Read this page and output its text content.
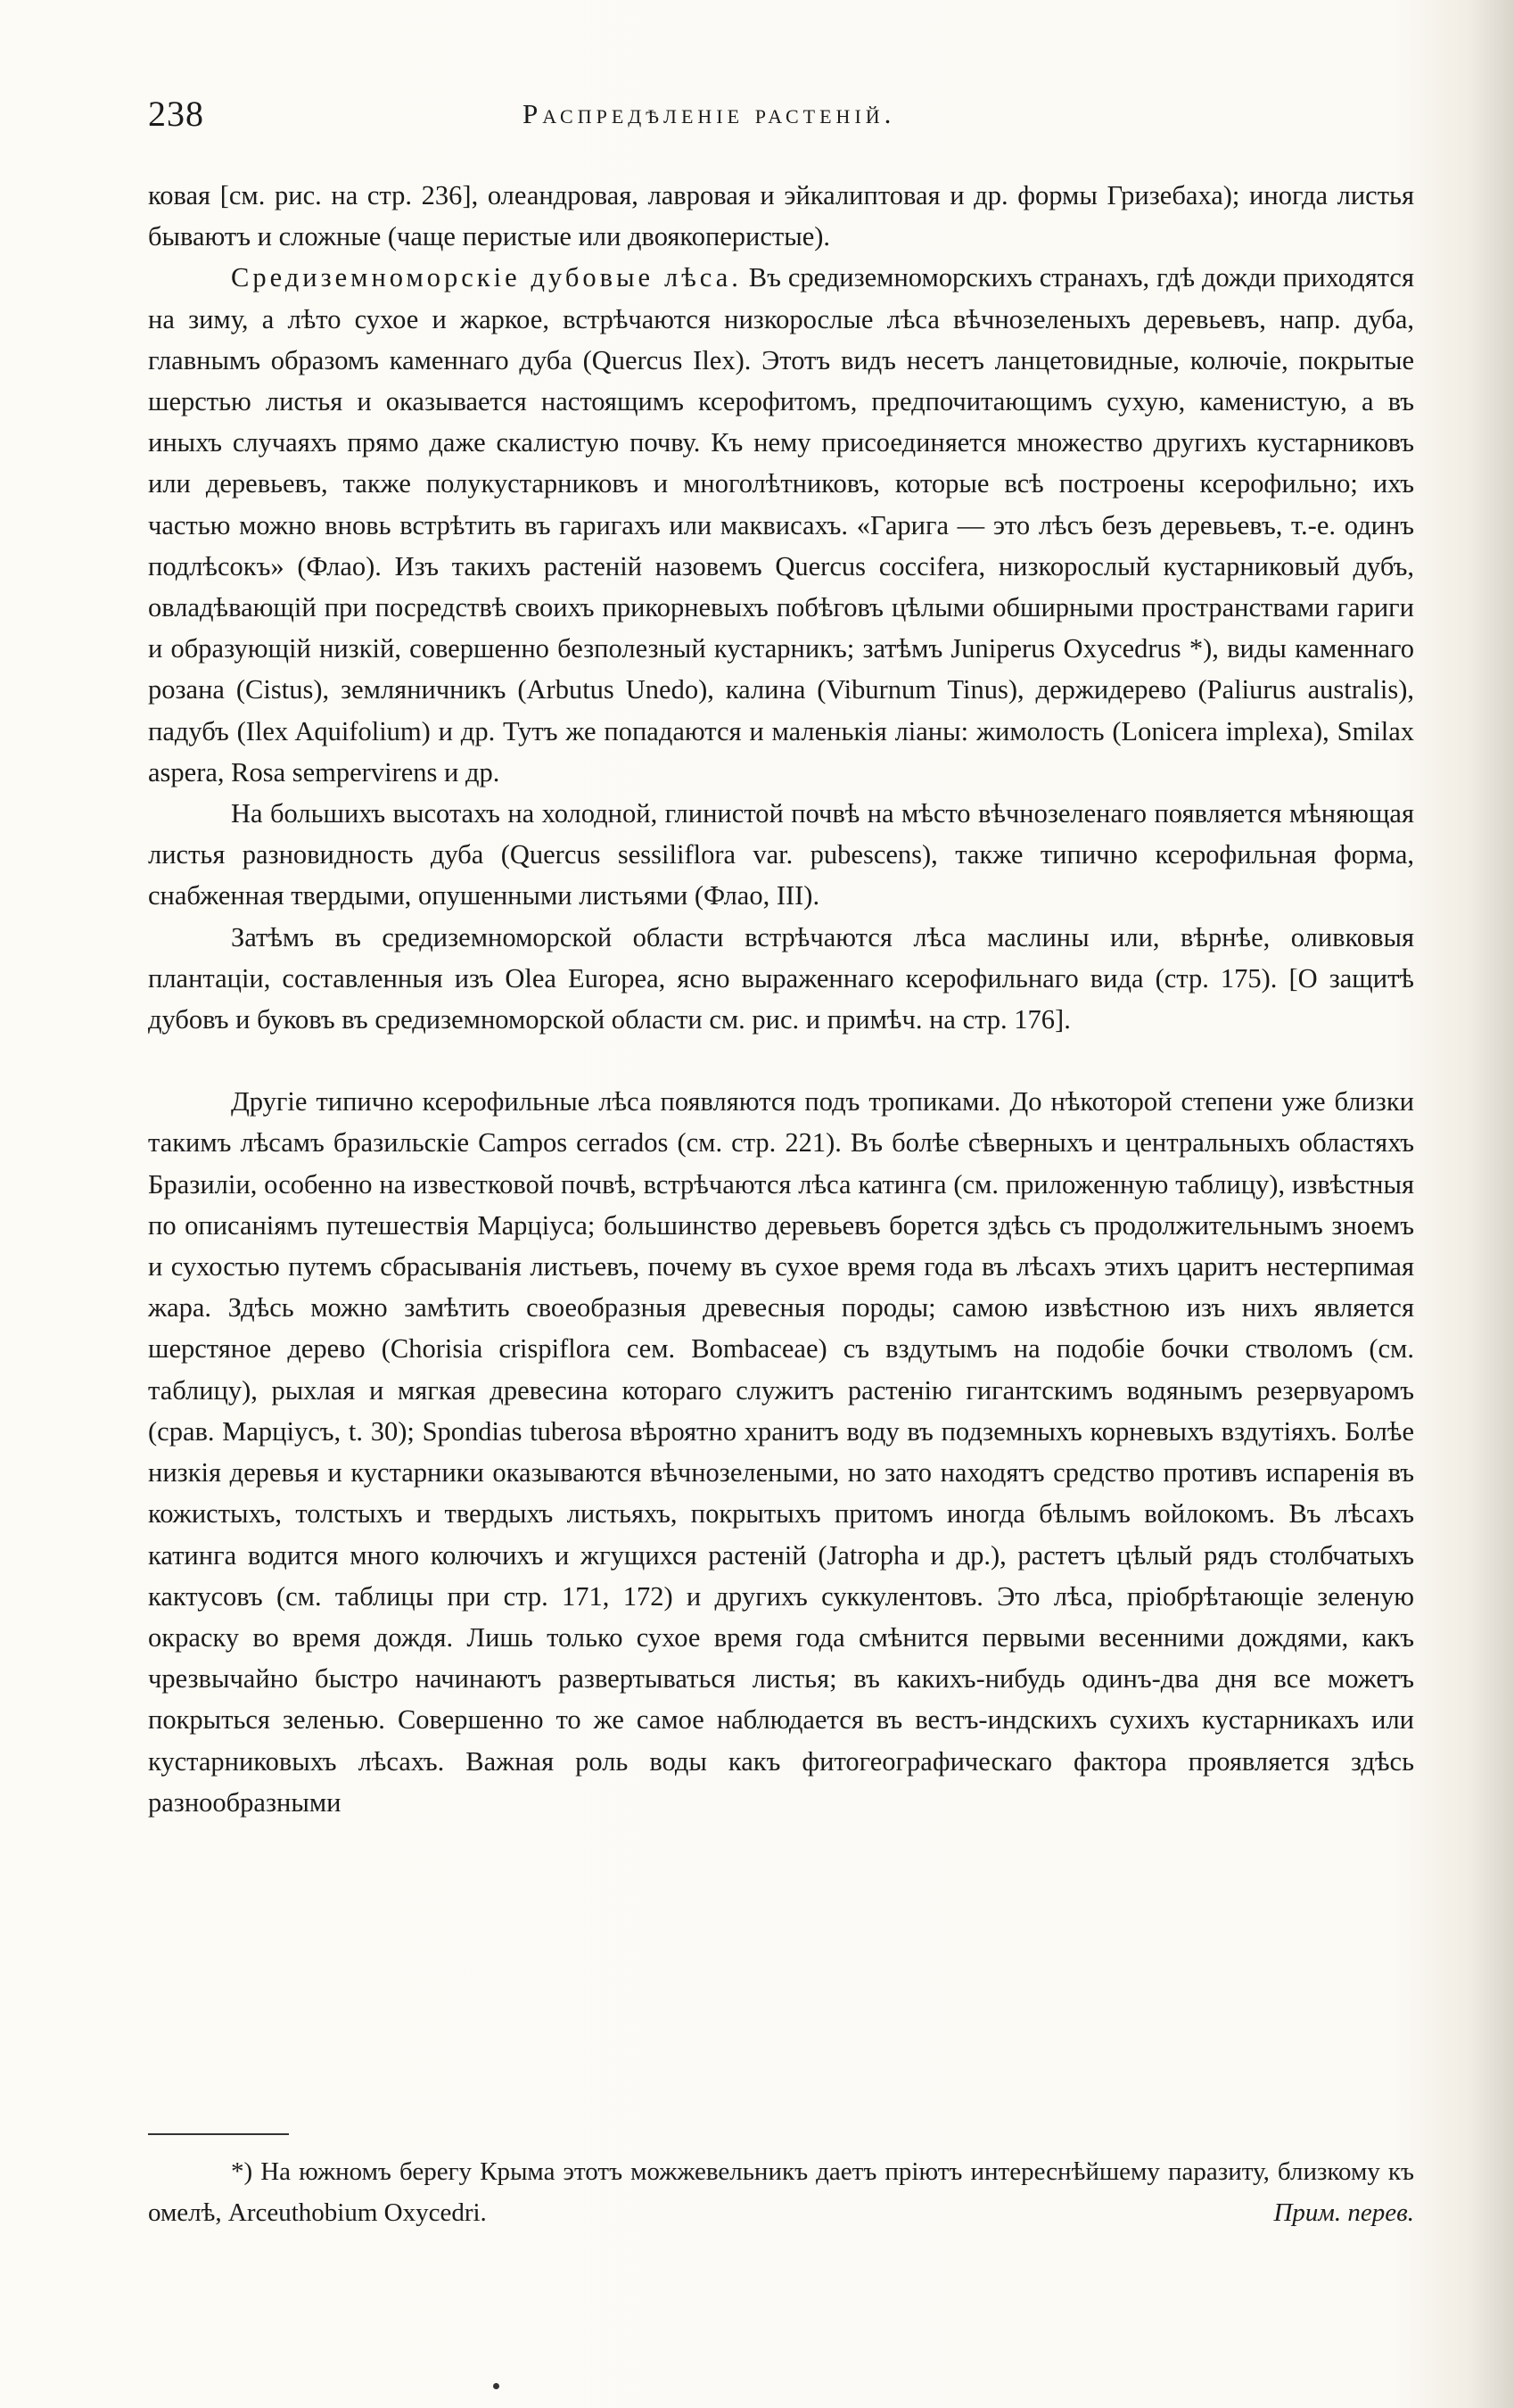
238	Распредѣленіе растеній.

ковая [см. рис. на стр. 236], олеандровая, лавровая и эйкалиптовая и др. формы Гризебаха); иногда листья бываютъ и сложные (чаще перистые или двоякоперистые).

Средиземноморскіе дубовые лѣса. Въ средиземноморскихъ странахъ, гдѣ дожди приходятся на зиму, а лѣто сухое и жаркое, встрѣчаются низкорослые лѣса вѣчнозеленыхъ деревьевъ, напр. дуба, главнымъ образомъ каменнаго дуба (Quercus Ilex). Этотъ видъ несетъ ланцетовидные, колючіе, покрытые шерстью листья и оказывается настоящимъ ксерофитомъ, предпочитающимъ сухую, каменистую, а въ иныхъ случаяхъ прямо даже скалистую почву. Къ нему присоединяется множество другихъ кустарниковъ или деревьевъ, также полукустарниковъ и многолѣтниковъ, которые всѣ построены ксерофильно; ихъ частью можно вновь встрѣтить въ гаригахъ или маквисахъ. «Гарига — это лѣсъ безъ деревьевъ, т.-е. одинъ подлѣсокъ» (Флао). Изъ такихъ растеній назовемъ Quercus coccifera, низкорослый кустарниковый дубъ, овладѣвающій при посредствѣ своихъ прикорневыхъ побѣговъ цѣлыми обширными пространствами гариги и образующій низкій, совершенно безполезный кустарникъ; затѣмъ Juniperus Oxycedrus *), виды каменнаго розана (Cistus), земляничникъ (Arbutus Unedo), калина (Viburnum Tinus), держидерево (Paliurus australis), падубъ (Ilex Aquifolium) и др. Тутъ же попадаются и маленькія ліаны: жимолость (Lonicera implexa), Smilax aspera, Rosa sempervirens и др.

На большихъ высотахъ на холодной, глинистой почвѣ на мѣсто вѣчнозеленаго появляется мѣняющая листья разновидность дуба (Quercus sessiliflora var. pubescens), также типично ксерофильная форма, снабженная твердыми, опушенными листьями (Флао, III).

Затѣмъ въ средиземноморской области встрѣчаются лѣса маслины или, вѣрнѣе, оливковыя плантаціи, составленныя изъ Olea Europea, ясно выраженнаго ксерофильнаго вида (стр. 175). [О защитѣ дубовъ и буковъ въ средиземноморской области см. рис. и примѣч. на стр. 176].

Другіе типично ксерофильные лѣса появляются подъ тропиками. До нѣкоторой степени уже близки такимъ лѣсамъ бразильскіе Campos cerrados (см. стр. 221). Въ болѣе сѣверныхъ и центральныхъ областяхъ Бразиліи, особенно на известковой почвѣ, встрѣчаются лѣса катинга (см. приложенную таблицу), извѣстныя по описаніямъ путешествія Марціуса; большинство деревьевъ борется здѣсь съ продолжительнымъ зноемъ и сухостью путемъ сбрасыванія листьевъ, почему въ сухое время года въ лѣсахъ этихъ царитъ нестерпимая жара. Здѣсь можно замѣтить своеобразныя древесныя породы; самою извѣстною изъ нихъ является шерстяное дерево (Chorisia crispiflora сем. Bombaceae) съ вздутымъ на подобіе бочки стволомъ (см. таблицу), рыхлая и мягкая древесина котораго служитъ растенію гигантскимъ водянымъ резервуаромъ (срав. Марціусъ, t. 30); Spondias tuberosa вѣроятно хранитъ воду въ подземныхъ корневыхъ вздутіяхъ. Болѣе низкія деревья и кустарники оказываются вѣчнозелеными, но зато находятъ средство противъ испаренія въ кожистыхъ, толстыхъ и твердыхъ листьяхъ, покрытыхъ притомъ иногда бѣлымъ войлокомъ. Въ лѣсахъ катинга водится много колючихъ и жгущихся растеній (Jatropha и др.), растетъ цѣлый рядъ столбчатыхъ кактусовъ (см. таблицы при стр. 171, 172) и другихъ суккулентовъ. Это лѣса, пріобрѣтающіе зеленую окраску во время дождя. Лишь только сухое время года смѣнится первыми весенними дождями, какъ чрезвычайно быстро начинаютъ развертываться листья; въ какихъ-нибудь одинъ-два дня все можетъ покрыться зеленью. Совершенно то же самое наблюдается въ вестъ-индскихъ сухихъ кустарникахъ или кустарниковыхъ лѣсахъ. Важная роль воды какъ фитогеографическаго фактора проявляется здѣсь разнообразными

*) На южномъ берегу Крыма этотъ можжевельникъ даетъ пріютъ интереснѣйшему паразиту, близкому къ омелѣ, Arceuthobium Oxycedri.	Прим. перев.
